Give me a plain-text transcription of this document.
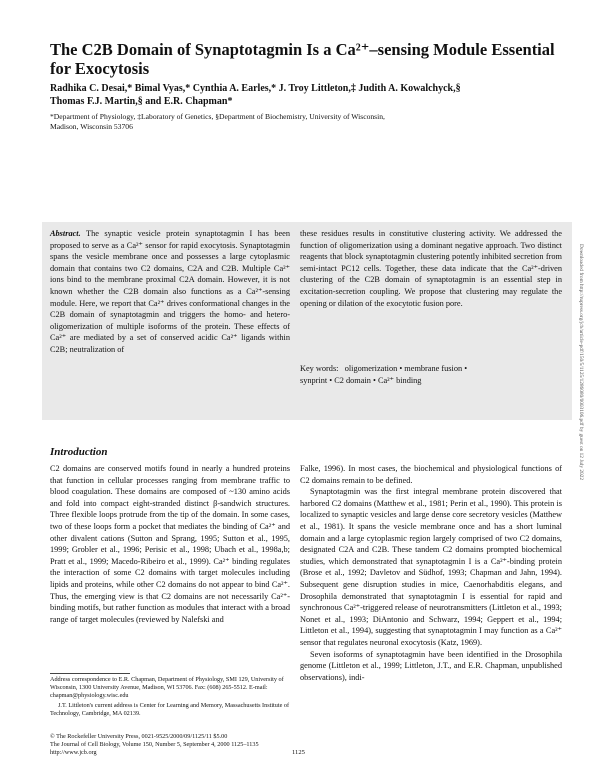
The C2B Domain of Synaptotagmin Is a Ca²⁺–sensing Module Essential for Exocytosis
Radhika C. Desai,* Bimal Vyas,* Cynthia A. Earles,* J. Troy Littleton,‡ Judith A. Kowalchyck,§
Thomas F.J. Martin,§ and E.R. Chapman*
*Department of Physiology, ‡Laboratory of Genetics, §Department of Biochemistry, University of Wisconsin, Madison, Wisconsin 53706
Abstract. The synaptic vesicle protein synaptotagmin I has been proposed to serve as a Ca²⁺ sensor for rapid exocytosis. Synaptotagmin spans the vesicle membrane once and possesses a large cytoplasmic domain that contains two C2 domains, C2A and C2B. Multiple Ca²⁺ ions bind to the membrane proximal C2A domain. However, it is not known whether the C2B domain also functions as a Ca²⁺-sensing module. Here, we report that Ca²⁺ drives conformational changes in the C2B domain of synaptotagmin and triggers the homo- and hetero-oligomerization of multiple isoforms of the protein. These effects of Ca²⁺ are mediated by a set of conserved acidic Ca²⁺ ligands within C2B; neutralization of
these residues results in constitutive clustering activity. We addressed the function of oligomerization using a dominant negative approach. Two distinct reagents that block synaptotagmin clustering potently inhibited secretion from semi-intact PC12 cells. Together, these data indicate that the Ca²⁺-driven clustering of the C2B domain of synaptotagmin is an essential step in excitation-secretion coupling. We propose that clustering may regulate the opening or dilation of the exocytotic fusion pore.
Key words: oligomerization • membrane fusion •
synprint • C2 domain • Ca²⁺ binding
Introduction

C2 domains are conserved motifs found in nearly a hundred proteins that function in cellular processes ranging from membrane traffic to blood coagulation. These domains are composed of ~130 amino acids and fold into compact eight-stranded distinct β-sandwich structures. Three flexible loops protrude from the tip of the domain. In some cases, two of these loops form a pocket that mediates the binding of Ca²⁺ and other divalent cations (Sutton and Sprang, 1995; Sutton et al., 1995, 1999; Grobler et al., 1996; Perisic et al., 1998; Ubach et al., 1998a,b; Pratt et al., 1999; Macedo-Ribeiro et al., 1999). Ca²⁺ binding regulates the interaction of some C2 domains with target molecules including lipids and proteins, while other C2 domains do not appear to bind Ca²⁺. Thus, the emerging view is that C2 domains are not necessarily Ca²⁺-binding motifs, but rather function as modules that interact with a broad range of target molecules (reviewed by Nalefski and

Falke, 1996). In most cases, the biochemical and physiological functions of C2 domains remain to be defined.

Synaptotagmin was the first integral membrane protein discovered that harbored C2 domains (Matthew et al., 1981; Perin et al., 1990). This protein is localized to synaptic vesicles and large dense core secretory vesicles (Matthew et al., 1981). It spans the vesicle membrane once and has a short luminal domain and a large cytoplasmic region largely comprised of two C2 domains, designated C2A and C2B. These tandem C2 domains prompted biochemical studies, which demonstrated that synaptotagmin I is a Ca²⁺-binding protein (Brose et al., 1992; Davletov and Südhof, 1993; Chapman and Jahn, 1994). Subsequent gene disruption studies in mice, Caenorhabditis elegans, and Drosophila demonstrated that synaptotagmin I is essential for rapid and synchronous Ca²⁺-triggered release of neurotransmitters (Littleton et al., 1993; Nonet et al., 1993; DiAntonio and Schwarz, 1994; Geppert et al., 1994; Littleton et al., 1994), suggesting that synaptotagmin I may function as a Ca²⁺ sensor that regulates neuronal exocytosis (Katz, 1969).

Seven isoforms of synaptotagmin have been identified in the Drosophila genome (Littleton et al., 1999; Littleton, J.T., and E.R. Chapman, unpublished observations), indi-

Address correspondence to E.R. Chapman, Department of Physiology, SMI 129, University of Wisconsin, 1300 University Avenue, Madison, WI 53706. Fax: (608) 265-5512. E-mail: chapman@physiology.wisc.edu
J.T. Littleton's current address is Center for Learning and Memory, Massachusetts Institute of Technology, Cambridge, MA 02139.
© The Rockefeller University Press, 0021-9525/2000/09/1125/11 $5.00
The Journal of Cell Biology, Volume 150, Number 5, September 4, 2000 1125–1135
http://www.jcb.org	1125
Downloaded from http://rupress.org/jcb/article-pdf/150/5/1125/1286080/0003106.pdf by guest on 12 July 2022
